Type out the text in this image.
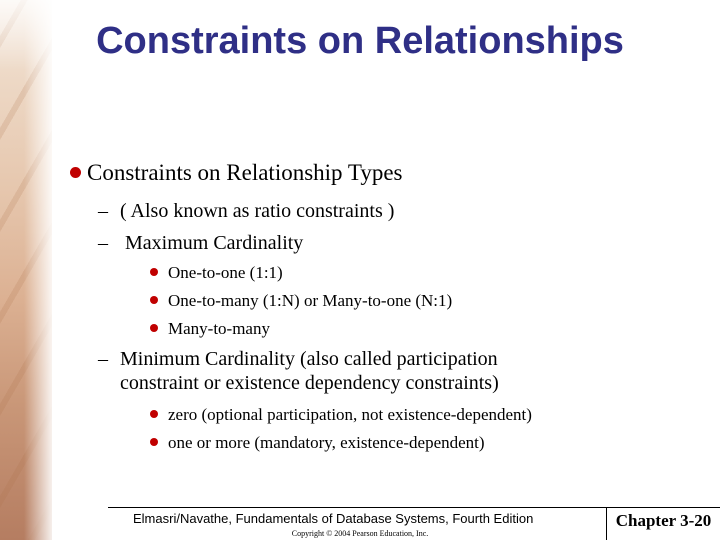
Constraints on Relationships
Constraints on Relationship Types
– ( Also known as ratio constraints )
– Maximum Cardinality
One-to-one (1:1)
One-to-many (1:N) or Many-to-one (N:1)
Many-to-many
– Minimum Cardinality (also called participation
constraint or existence dependency constraints)
zero (optional participation, not existence-dependent)
one or more (mandatory, existence-dependent)
Elmasri/Navathe, Fundamentals of Database Systems, Fourth Edition
Copyright © 2004 Pearson Education, Inc.
Chapter 3-20
